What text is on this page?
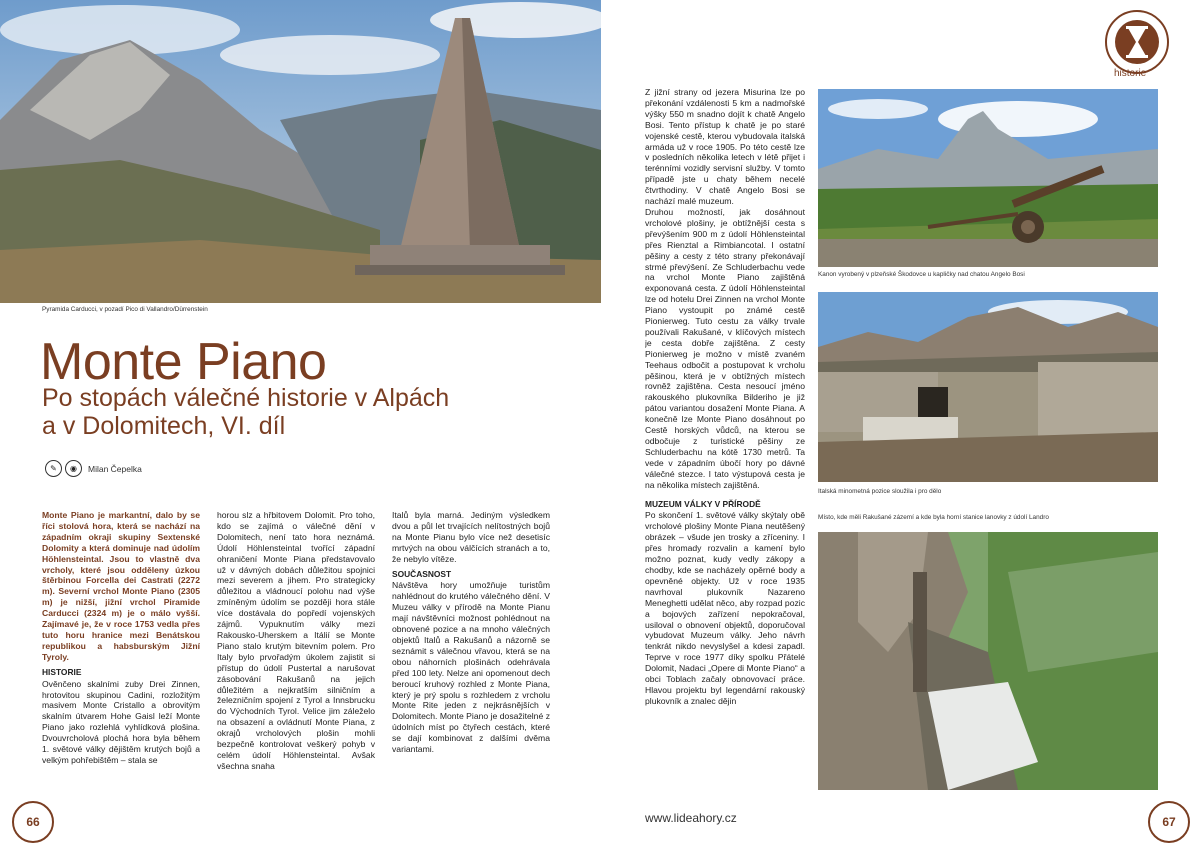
Pyramida Carducci, v pozadí Pico di Vallandro/Dürrenstein
Monte Piano
Po stopách válečné historie v Alpách
a v Dolomitech, VI. díl
✎	◉	Milan Čepelka

Monte Piano je markantní, dalo by se říci stolová hora, která se nachází na západním okraji skupiny Sextenské Dolomity a která dominuje nad údolím Höhlensteintal. Jsou to vlastně dva vrcholy, které jsou odděleny úzkou štěrbinou Forcella dei Castrati (2272 m). Severní vrchol Monte Piano (2305 m) je nižší, jižní vrchol Piramide Carducci (2324 m) je o málo vyšší. Zajímavé je, že v roce 1753 vedla přes tuto horu hranice mezi Benátskou republikou a habsburským Jižní Tyroly.

HISTORIE

Ověnčeno skalními zuby Drei Zinnen, hrotovitou skupinou Cadini, rozložitým masivem Monte Cristallo a obrovitým skalním útvarem Hohe Gaisl leží Monte Piano jako rozlehlá vyhlídková plošina. Dvouvrcholová plochá hora byla během 1. světové války dějištěm krutých bojů a velkým pohřebištěm – stala se

horou slz a hřbitovem Dolomit. Pro toho, kdo se zajímá o válečné dění v Dolomitech, není tato hora neznámá. Údolí Höhlensteintal tvořící západní ohraničení Monte Piana představovalo už v dávných dobách důležitou spojnici mezi severem a jihem. Pro strategicky důležitou a vládnoucí polohu nad výše zmíněným údolím se později hora stále více dostávala do popředí vojenských zájmů. Vypuknutím války mezi Rakousko-Uherskem a Itálií se Monte Piano stalo krutým bitevním polem. Pro Italy bylo prvořadým úkolem zajistit si přístup do údolí Pustertal a narušovat zásobování Rakušanů na jejich důležitém a nejkratším silničním a železničním spojení z Tyrol a Innsbrucku do Východních Tyrol. Velice jim záleželo na obsazení a ovládnutí Monte Piana, z okrajů vrcholových plošin mohli bezpečně kontrolovat veškerý pohyb v celém údolí Höhlensteintal. Avšak všechna snaha

Italů byla marná. Jediným výsledkem dvou a půl let trvajících nelítostných bojů na Monte Pianu bylo více než desetisíc mrtvých na obou válčících stranách a to, že nebylo vítěze.

SOUČASNOST

Návštěva hory umožňuje turistům nahlédnout do krutého válečného dění. V Muzeu války v přírodě na Monte Pianu mají návštěvníci možnost pohlédnout na obnovené pozice a na mnoho válečných objektů Italů a Rakušanů a názorně se seznámit s válečnou vřavou, která se na obou náhorních plošinách odehrávala před 100 lety. Nelze ani opomenout dech beroucí kruhový rozhled z Monte Piana, který je prý spolu s rozhledem z vrcholu Monte Rite jeden z nejkrásnějších v Dolomitech. Monte Piano je dosažitelné z údolních míst po čtyřech cestách, které se dají kombinovat z dalšími dvěma variantami.

66
historie

Z jižní strany od jezera Misurina lze po překonání vzdálenosti 5 km a nadmořské výšky 550 m snadno dojít k chatě Angelo Bosi. Tento přístup k chatě je po staré vojenské cestě, kterou vybudovala italská armáda už v roce 1905. Po této cestě lze v posledních několika letech v létě přijet i terénními vozidly servisní služby. V tomto případě jste u chaty během necelé čtvrthodiny. V chatě Angelo Bosi se nachází malé muzeum.

Druhou možností, jak dosáhnout vrcholové plošiny, je obtížnější cesta s převýšením 900 m z údolí Höhlensteintal přes Rienztal a Rimbiancotal. I ostatní pěšiny a cesty z této strany překonávají strmé převýšení. Ze Schluderbachu vede na vrchol Monte Piano zajištěná exponovaná cesta. Z údolí Höhlensteintal lze od hotelu Drei Zinnen na vrchol Monte Piano vystoupit po známé cestě Pionierweg. Tuto cestu za války trvale používali Rakušané, v klíčových místech je cesta dobře zajištěna. Z cesty Pionierweg je možno v místě zvaném Teehaus odbočit a postupovat k vrcholu pěšinou, která je v obtížných místech rovněž zajištěna. Cesta nesoucí jméno rakouského plukovníka Bilderiho je již pátou variantou dosažení Monte Piana. A konečně lze Monte Piano dosáhnout po Cestě horských vůdců, na kterou se odbočuje z turistické pěšiny ze Schluderbachu na kótě 1730 metrů. Ta vede v západním úbočí hory po dávné válečné stezce. I tato výstupová cesta je na několika místech zajištěná.

MUZEUM VÁLKY V PŘÍRODĚ

Po skončení 1. světové války skýtaly obě vrcholové plošiny Monte Piana neutěšený obrázek – všude jen trosky a zříceniny. I přes hromady rozvalin a kamení bylo možno poznat, kudy vedly zákopy a chodby, kde se nacházely opěrné body a opevněné objekty. Už v roce 1935 navrhoval plukovník Nazareno Meneghetti udělat něco, aby rozpad pozic a bojových zařízení nepokračoval, usiloval o obnovení objektů, doporučoval vybudovat Muzeum války. Jeho návrh tenkrát nikdo nevyslyšel a kdesi zapadl. Teprve v roce 1977 díky spolku Přátelé Dolomit, Nadaci „Opere di Monte Piano“ a obci Toblach začaly obnovovací práce. Hlavou projektu byl legendární rakouský plukovník a znalec dějin

Kanon vyrobený v plzeňské Škodovce u kapličky nad chatou Angelo Bosi
Italská minometná pozice sloužila i pro dělo
Místo, kde měli Rakušané zázemí a kde byla horní stanice lanovky z údolí Landro
www.lideahory.cz	67
